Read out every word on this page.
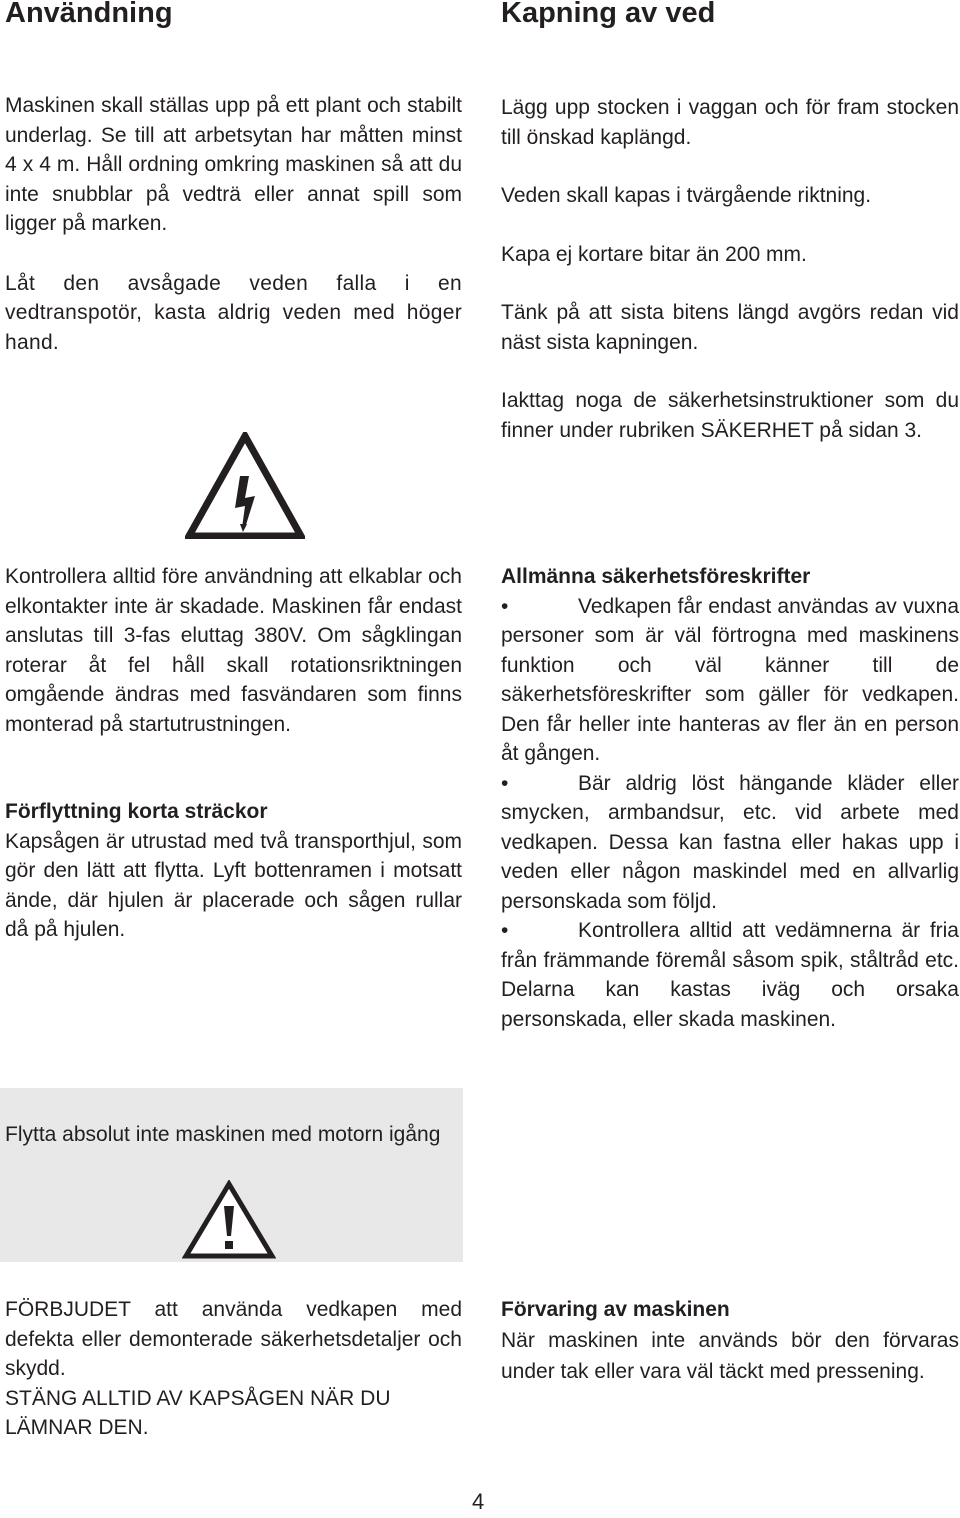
Användning	Kapning av ved

Maskinen skall ställas upp på ett plant och stabilt underlag. Se till att arbetsytan har måtten minst 4 x 4 m. Håll ordning omkring maskinen så att du inte snubblar på vedträ eller annat spill som ligger på marken.

Låt den avsågade veden falla i en vedtranspotör, kasta aldrig veden med höger hand.

Lägg upp stocken i vaggan och för fram stocken till önskad kaplängd.

Veden skall kapas i tvärgående riktning.

Kapa ej kortare bitar än 200 mm.

Tänk på att sista bitens längd avgörs redan vid näst sista kapningen.

Iakttag noga de säkerhetsinstruktioner som du finner under rubriken SÄKERHET på sidan 3.

Kontrollera alltid före användning att elkablar och elkontakter inte är skadade. Maskinen får endast anslutas till 3-fas eluttag 380V. Om sågklingan roterar åt fel håll skall rotationsriktningen omgående ändras med fasvändaren som finns monterad på startutrustningen.

Förflyttning korta sträckor

Kapsågen är utrustad med två transporthjul, som gör den lätt att flytta. Lyft bottenramen i motsatt ände, där hjulen är placerade och sågen rullar då på hjulen.

Allmänna säkerhetsföreskrifter

•	Vedkapen får endast användas av vuxna personer som är väl förtrogna med maskinens funktion och väl känner till de säkerhetsföreskrifter som gäller för vedkapen. Den får heller inte hanteras av fler än en person åt gången.

•	Bär aldrig löst hängande kläder eller smycken, armbandsur, etc. vid arbete med vedkapen. Dessa kan fastna eller hakas upp i veden eller någon maskindel med en allvarlig personskada som följd.

•	Kontrollera alltid att vedämnerna är fria från främmande föremål såsom spik, ståltråd etc. Delarna kan kastas iväg och orsaka personskada, eller skada maskinen.

Flytta absolut inte maskinen med motorn igång

FÖRBJUDET att använda vedkapen med defekta eller demonterade säkerhetsdetaljer och skydd.

STÄNG ALLTID AV KAPSÅGEN NÄR DU LÄMNAR DEN.

Förvaring av maskinen

När maskinen inte används bör den förvaras under tak eller vara väl täckt med pressening.

4
